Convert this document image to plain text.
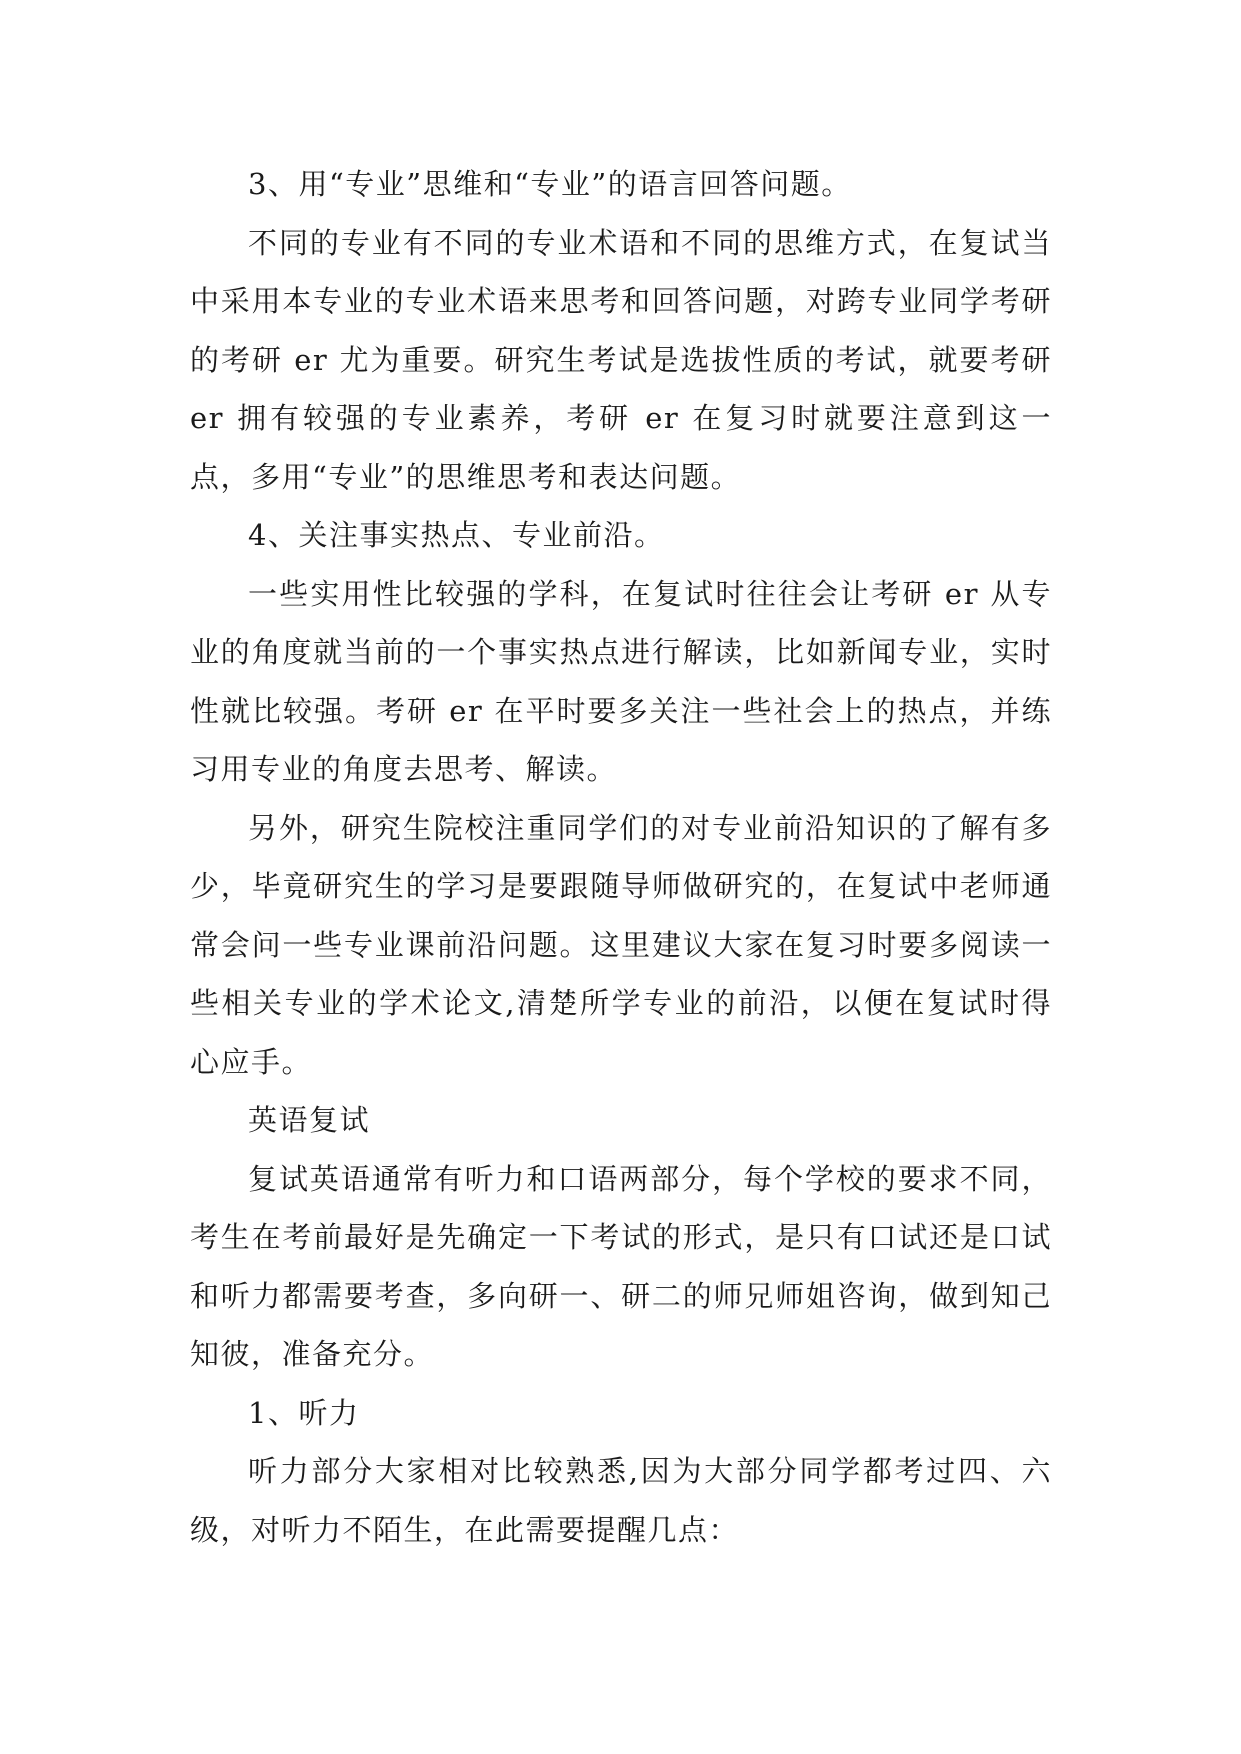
3、用“专业”思维和“专业”的语言回答问题。

不同的专业有不同的专业术语和不同的思维方式，在复试当中采用本专业的专业术语来思考和回答问题，对跨专业同学考研的考研 er 尤为重要。研究生考试是选拔性质的考试，就要考研 er 拥有较强的专业素养，考研 er 在复习时就要注意到这一点，多用“专业”的思维思考和表达问题。

4、关注事实热点、专业前沿。

一些实用性比较强的学科，在复试时往往会让考研 er 从专业的角度就当前的一个事实热点进行解读，比如新闻专业，实时性就比较强。考研 er 在平时要多关注一些社会上的热点，并练习用专业的角度去思考、解读。

另外，研究生院校注重同学们的对专业前沿知识的了解有多少，毕竟研究生的学习是要跟随导师做研究的，在复试中老师通常会问一些专业课前沿问题。这里建议大家在复习时要多阅读一些相关专业的学术论文,清楚所学专业的前沿，以便在复试时得心应手。

英语复试

复试英语通常有听力和口语两部分，每个学校的要求不同，考生在考前最好是先确定一下考试的形式，是只有口试还是口试和听力都需要考查，多向研一、研二的师兄师姐咨询，做到知己知彼，准备充分。

1、听力

听力部分大家相对比较熟悉,因为大部分同学都考过四、六级，对听力不陌生，在此需要提醒几点：
